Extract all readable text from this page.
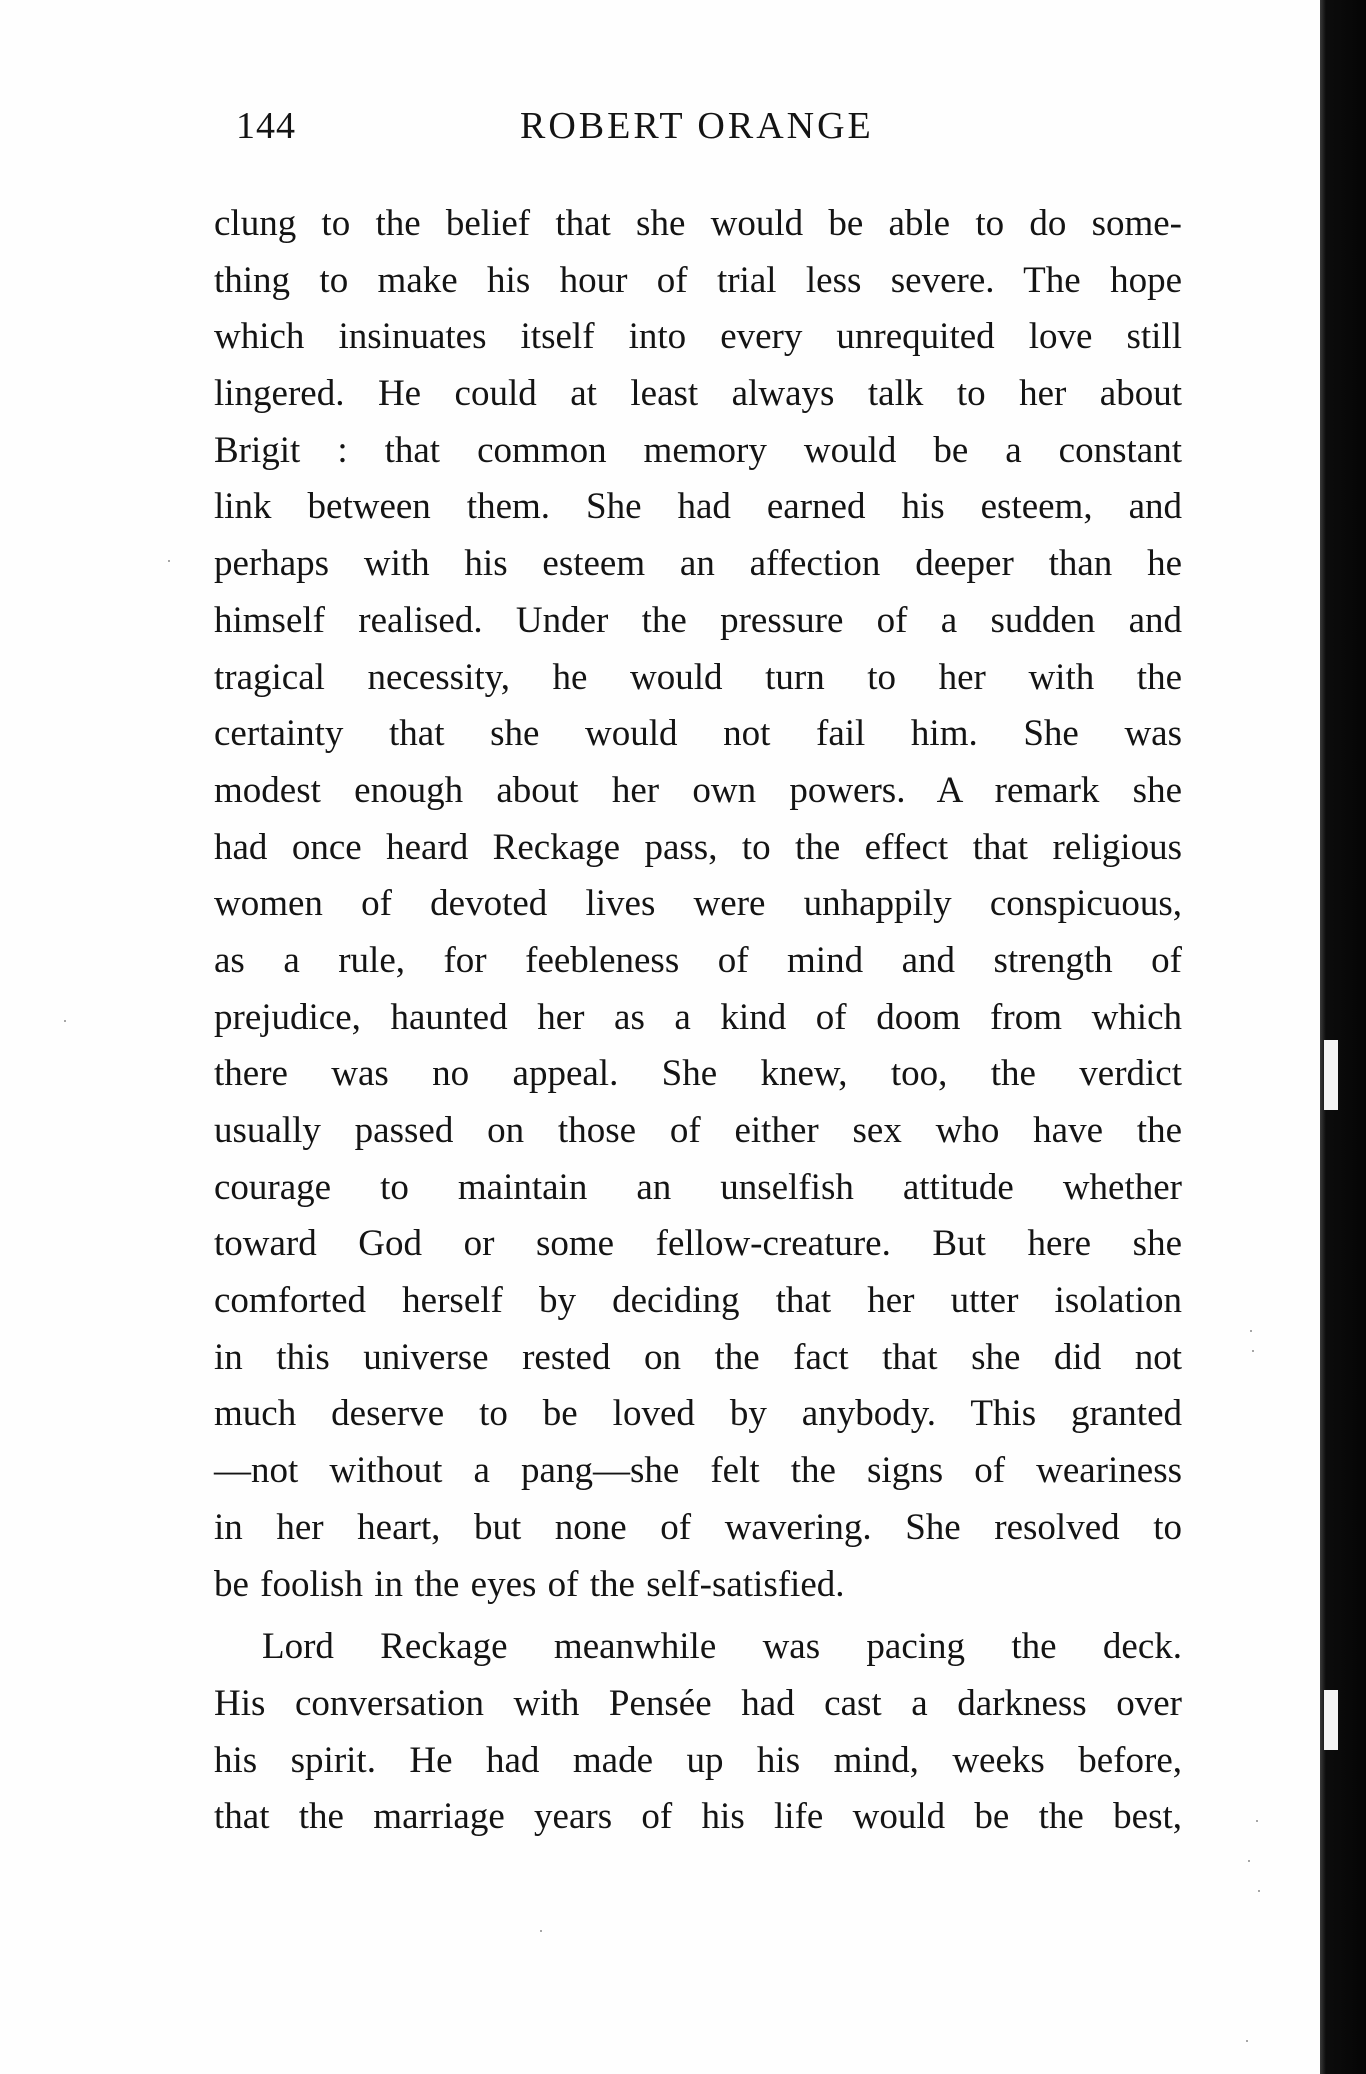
144	ROBERT ORANGE
clung to the belief that she would be able to do some-
thing to make his hour of trial less severe. The hope
which insinuates itself into every unrequited love still
lingered. He could at least always talk to her about
Brigit : that common memory would be a constant
link between them. She had earned his esteem, and
perhaps with his esteem an affection deeper than he
himself realised. Under the pressure of a sudden and
tragical necessity, he would turn to her with the
certainty that she would not fail him. She was
modest enough about her own powers. A remark she
had once heard Reckage pass, to the effect that religious
women of devoted lives were unhappily conspicuous,
as a rule, for feebleness of mind and strength of
prejudice, haunted her as a kind of doom from which
there was no appeal. She knew, too, the verdict
usually passed on those of either sex who have the
courage to maintain an unselfish attitude whether
toward God or some fellow-creature. But here she
comforted herself by deciding that her utter isolation
in this universe rested on the fact that she did not
much deserve to be loved by anybody. This granted
—not without a pang—she felt the signs of weariness
in her heart, but none of wavering. She resolved to
be foolish in the eyes of the self-satisfied.
Lord Reckage meanwhile was pacing the deck.
His conversation with Pensée had cast a darkness over
his spirit. He had made up his mind, weeks before,
that the marriage years of his life would be the best,
